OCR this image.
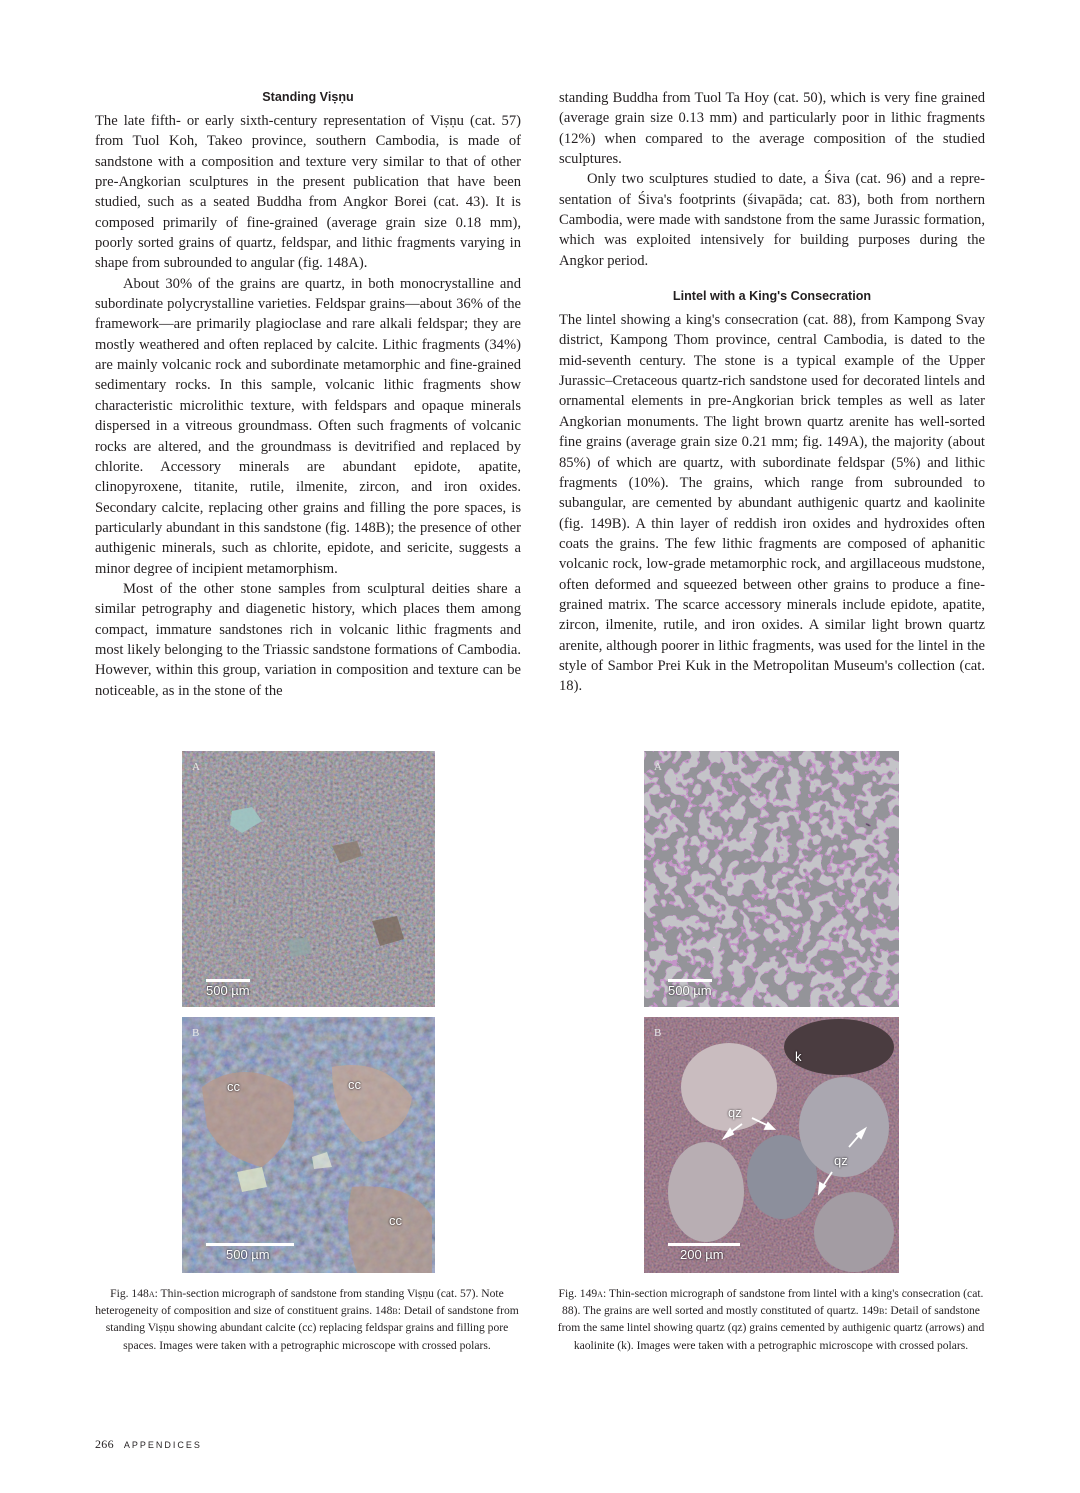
Standing Viṣṇu

The late fifth- or early sixth-century representation of Viṣṇu (cat. 57) from Tuol Koh, Takeo province, southern Cambodia, is made of sandstone with a composition and texture very similar to that of other pre-Angkorian sculptures in the present publication that have been studied, such as a seated Buddha from Angkor Borei (cat. 43). It is composed primarily of fine-grained (average grain size 0.18 mm), poorly sorted grains of quartz, feldspar, and lithic fragments varying in shape from subrounded to angular (fig. 148A).

About 30% of the grains are quartz, in both monocrystalline and subordinate polycrystalline varieties. Feldspar grains—about 36% of the framework—are primarily plagioclase and rare alkali feldspar; they are mostly weathered and often replaced by calcite. Lithic fragments (34%) are mainly volcanic rock and subordinate metamorphic and fine-grained sedimentary rocks. In this sample, volcanic lithic fragments show characteristic microlithic texture, with feldspars and opaque minerals dispersed in a vitreous groundmass. Often such fragments of volcanic rocks are altered, and the groundmass is devitrified and replaced by chlorite. Accessory minerals are abundant epidote, apatite, clinopyroxene, titanite, rutile, ilmenite, zircon, and iron oxides. Secondary calcite, replacing other grains and filling the pore spaces, is particularly abundant in this sandstone (fig. 148B); the presence of other authigenic minerals, such as chlorite, epidote, and sericite, suggests a minor degree of incipient metamorphism.

Most of the other stone samples from sculptural deities share a similar petrography and diagenetic history, which places them among compact, immature sandstones rich in volcanic lithic fragments and most likely belonging to the Triassic sandstone formations of Cambodia. However, within this group, variation in composition and texture can be noticeable, as in the stone of the

standing Buddha from Tuol Ta Hoy (cat. 50), which is very fine grained (average grain size 0.13 mm) and particularly poor in lithic fragments (12%) when compared to the average composition of the studied sculptures.

Only two sculptures studied to date, a Śiva (cat. 96) and a representation of Śiva's footprints (śivapāda; cat. 83), both from northern Cambodia, were made with sandstone from the same Jurassic formation, which was exploited intensively for building purposes during the Angkor period.

Lintel with a King's Consecration

The lintel showing a king's consecration (cat. 88), from Kampong Svay district, Kampong Thom province, central Cambodia, is dated to the mid-seventh century. The stone is a typical example of the Upper Jurassic–Cretaceous quartz-rich sandstone used for decorated lintels and ornamental elements in pre-Angkorian brick temples as well as later Angkorian monuments. The light brown quartz arenite has well-sorted fine grains (average grain size 0.21 mm; fig. 149A), the majority (about 85%) of which are quartz, with subordinate feldspar (5%) and lithic fragments (10%). The grains, which range from subrounded to subangular, are cemented by abundant authigenic quartz and kaolinite (fig. 149B). A thin layer of reddish iron oxides and hydroxides often coats the grains. The few lithic fragments are composed of aphanitic volcanic rock, low-grade metamorphic rock, and argillaceous mudstone, often deformed and squeezed between other grains to produce a fine-grained matrix. The scarce accessory minerals include epidote, apatite, zircon, ilmenite, rutile, and iron oxides. A similar light brown quartz arenite, although poorer in lithic fragments, was used for the lintel in the style of Sambor Prei Kuk in the Metropolitan Museum's collection (cat. 18).

A
500 µm
B
cc	cc
cc
500 µm
A
500 µm
B
k
qz
qz
200 µm
Fig. 148a: Thin-section micrograph of sandstone from standing Viṣṇu (cat. 57). Note heterogeneity of composition and size of constituent grains. 148b: Detail of sandstone from standing Viṣṇu showing abundant calcite (cc) replacing feldspar grains and filling pore spaces. Images were taken with a petrographic microscope with crossed polars.
Fig. 149a: Thin-section micrograph of sandstone from lintel with a king's consecration (cat. 88). The grains are well sorted and mostly constituted of quartz. 149b: Detail of sandstone from the same lintel showing quartz (qz) grains cemented by authigenic quartz (arrows) and kaolinite (k). Images were taken with a petrographic microscope with crossed polars.
266 APPENDICES
